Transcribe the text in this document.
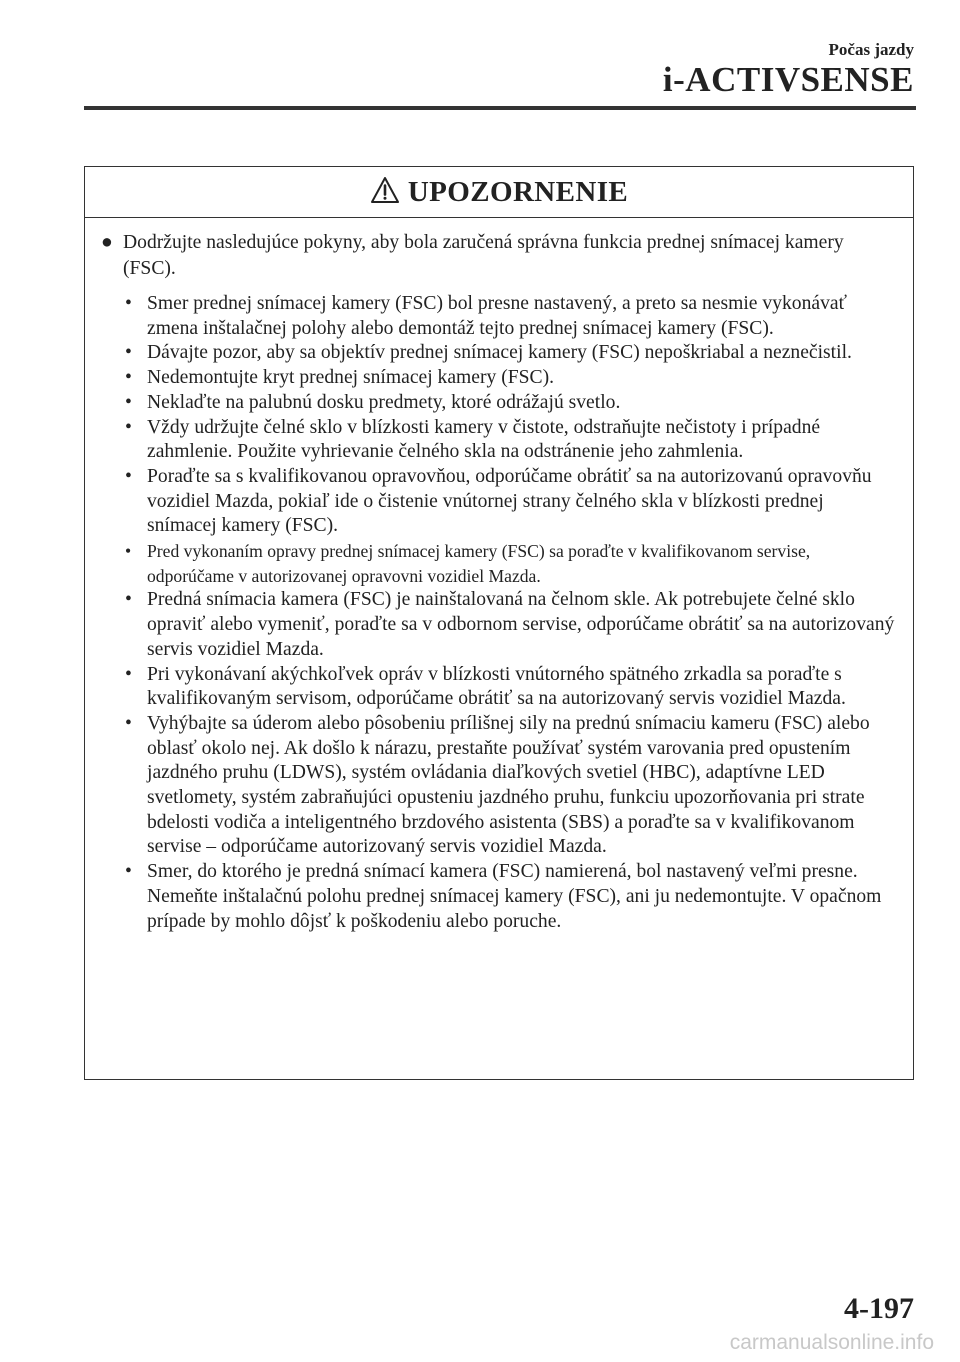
Počas jazdy
i-ACTIVSENSE
UPOZORNENIE
● Dodržujte nasledujúce pokyny, aby bola zaručená správna funkcia prednej snímacej kamery (FSC).
• Smer prednej snímacej kamery (FSC) bol presne nastavený, a preto sa nesmie vykonávať zmena inštalačnej polohy alebo demontáž tejto prednej snímacej kamery (FSC).
• Dávajte pozor, aby sa objektív prednej snímacej kamery (FSC) nepoškriabal a neznečistil.
• Nedemontujte kryt prednej snímacej kamery (FSC).
• Neklaďte na palubnú dosku predmety, ktoré odrážajú svetlo.
• Vždy udržujte čelné sklo v blízkosti kamery v čistote, odstraňujte nečistoty i prípadné zahmlenie. Použite vyhrievanie čelného skla na odstránenie jeho zahmlenia.
• Poraďte sa s kvalifikovanou opravovňou, odporúčame obrátiť sa na autorizovanú opravovňu vozidiel Mazda, pokiaľ ide o čistenie vnútornej strany čelného skla v blízkosti prednej snímacej kamery (FSC).
• Pred vykonaním opravy prednej snímacej kamery (FSC) sa poraďte v kvalifikovanom servise, odporúčame v autorizovanej opravovni vozidiel Mazda.
• Predná snímacia kamera (FSC) je nainštalovaná na čelnom skle. Ak potrebujete čelné sklo opraviť alebo vymeniť, poraďte sa v odbornom servise, odporúčame obrátiť sa na autorizovaný servis vozidiel Mazda.
• Pri vykonávaní akýchkoľvek opráv v blízkosti vnútorného spätného zrkadla sa poraďte s kvalifikovaným servisom, odporúčame obrátiť sa na autorizovaný servis vozidiel Mazda.
• Vyhýbajte sa úderom alebo pôsobeniu prílišnej sily na prednú snímaciu kameru (FSC) alebo oblasť okolo nej. Ak došlo k nárazu, prestaňte používať systém varovania pred opustením jazdného pruhu (LDWS), systém ovládania diaľkových svetiel (HBC), adaptívne LED svetlomety, systém zabraňujúci opusteniu jazdného pruhu, funkciu upozorňovania pri strate bdelosti vodiča a inteligentného brzdového asistenta (SBS) a poraďte sa v kvalifikovanom servise – odporúčame autorizovaný servis vozidiel Mazda.
• Smer, do ktorého je predná snímací kamera (FSC) namierená, bol nastavený veľmi presne. Nemeňte inštalačnú polohu prednej snímacej kamery (FSC), ani ju nedemontujte. V opačnom prípade by mohlo dôjsť k poškodeniu alebo poruche.
4-197
carmanualsonline.info
